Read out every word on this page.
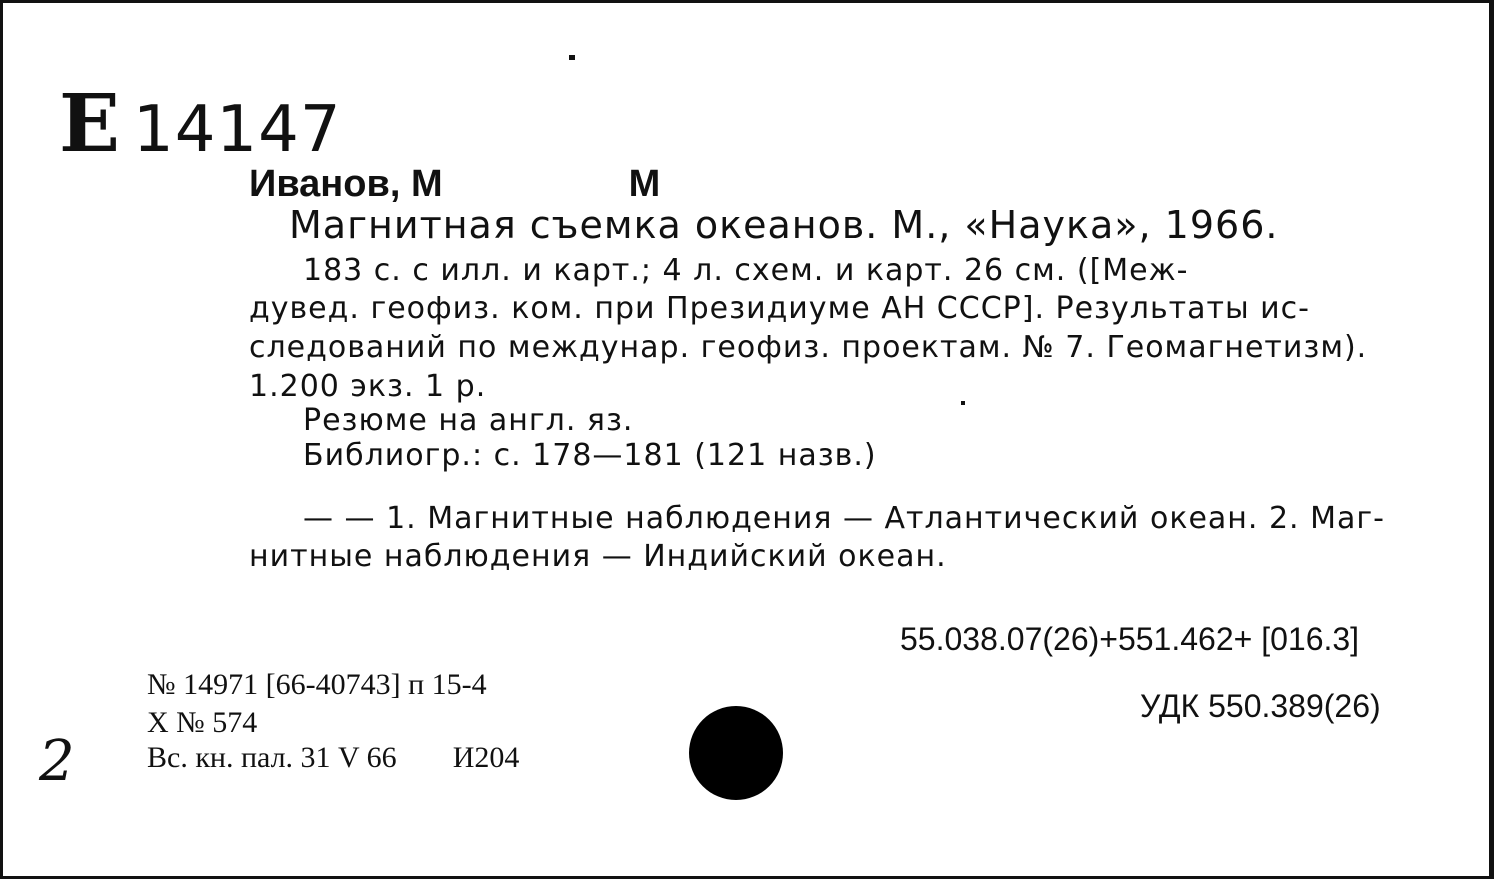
Е 14147
Иванов, М	М
Магнитная съемка океанов. М., «Наука», 1966.
183 с. с илл. и карт.; 4 л. схем. и карт. 26 см. ([Меж-
дувед. геофиз. ком. при Президиуме АН СССР]. Результаты ис-
следований по междунар. геофиз. проектам. № 7. Геомагнетизм).
1.200 экз. 1 р.
Резюме на англ. яз.
Библиогр.: с. 178—181 (121 назв.)
— — 1. Магнитные наблюдения — Атлантический океан. 2. Маг-
нитные наблюдения — Индийский океан.
55.038.07(26)+551.462+ [016.3]
УДК 550.389(26)
№ 14971 [66-40743] п 15-4
Х № 574
Вс. кн. пал. 31 V 66 И204
2
